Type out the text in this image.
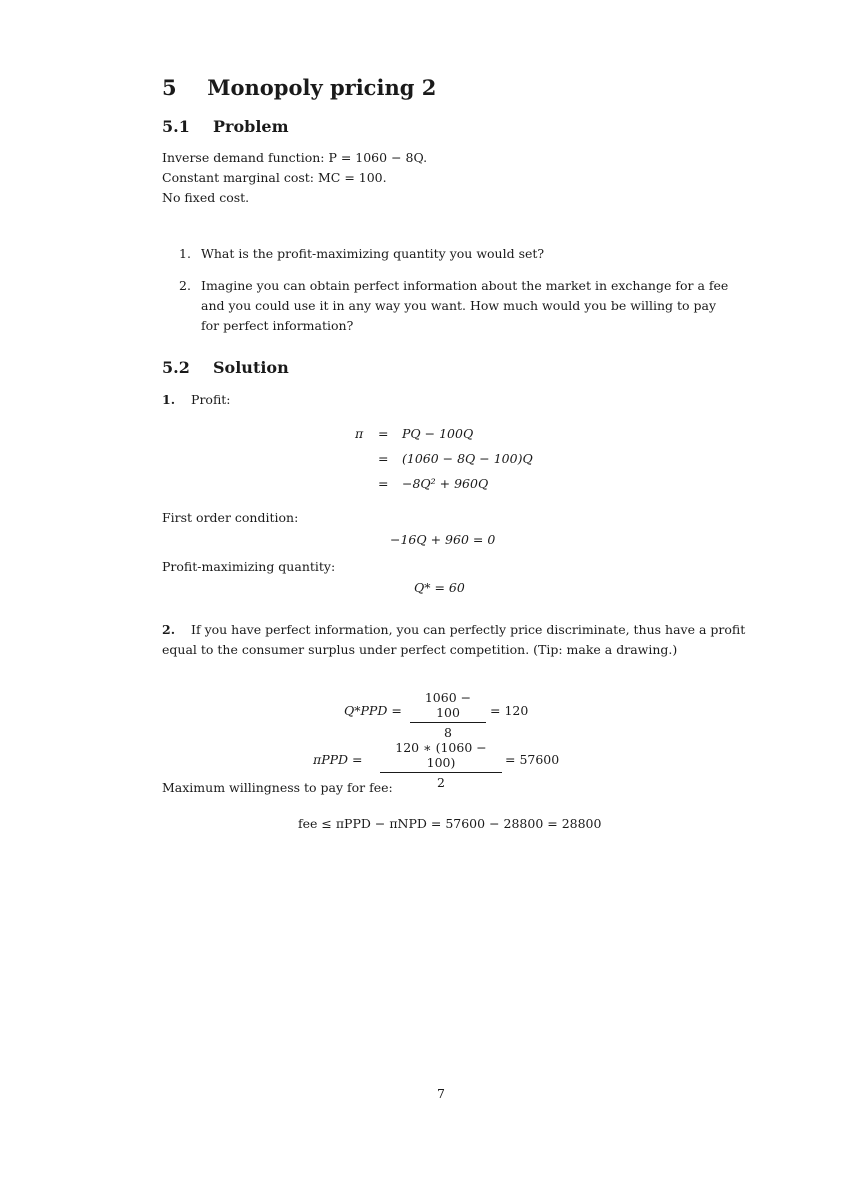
5 Monopoly pricing 2
5.1 Problem
Inverse demand function: P = 1060 − 8Q.
Constant marginal cost: MC = 100.
No fixed cost.
1. What is the profit-maximizing quantity you would set?
2. Imagine you can obtain perfect information about the market in exchange for a fee
and you could use it in any way you want. How much would you be willing to pay
for perfect information?
5.2 Solution
1. Profit:
π =
=
=
PQ − 100Q
(1060 − 8Q − 100)Q
−8Q² + 960Q
First order condition:
−16Q + 960 = 0
Profit-maximizing quantity:
Q* = 60
2. If you have perfect information, you can perfectly price discriminate, thus have a profit
equal to the consumer surplus under perfect competition. (Tip: make a drawing.)
$Q*PPD = \frac{1060 - 100}{8} = 120$
$\pi PPD = \frac{120 ∗ (1060 - 100)}{2} = 57600$
Maximum willingness to pay for fee:
fee ≤ πPPD − πNPD = 57600 − 28800 = 28800
7
